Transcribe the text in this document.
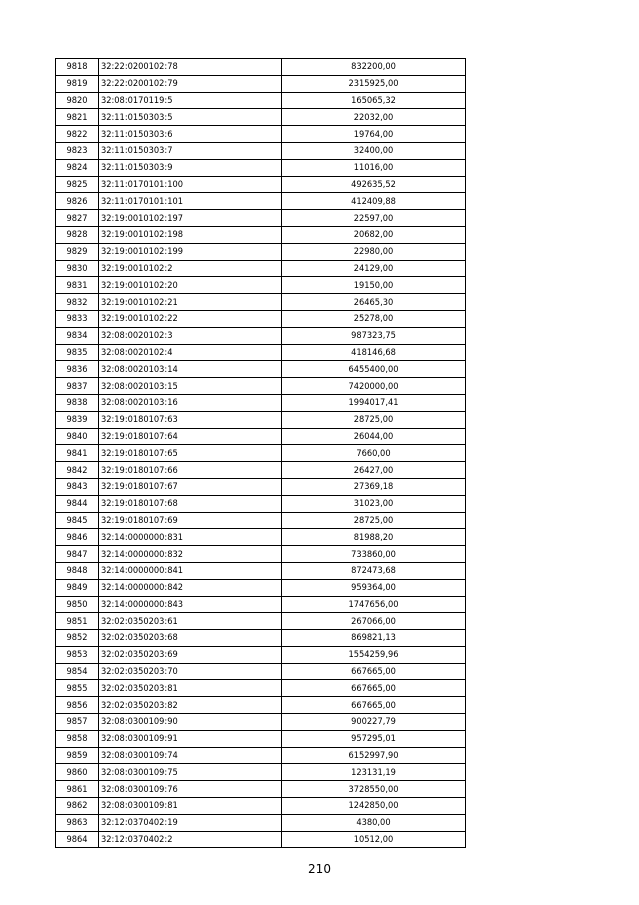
9818	32:22:0200102:78	832200,00
9819	32:22:0200102:79	2315925,00
9820	32:08:0170119:5	165065,32
9821	32:11:0150303:5	22032,00
9822	32:11:0150303:6	19764,00
9823	32:11:0150303:7	32400,00
9824	32:11:0150303:9	11016,00
9825	32:11:0170101:100	492635,52
9826	32:11:0170101:101	412409,88
9827	32:19:0010102:197	22597,00
9828	32:19:0010102:198	20682,00
9829	32:19:0010102:199	22980,00
9830	32:19:0010102:2	24129,00
9831	32:19:0010102:20	19150,00
9832	32:19:0010102:21	26465,30
9833	32:19:0010102:22	25278,00
9834	32:08:0020102:3	987323,75
9835	32:08:0020102:4	418146,68
9836	32:08:0020103:14	6455400,00
9837	32:08:0020103:15	7420000,00
9838	32:08:0020103:16	1994017,41
9839	32:19:0180107:63	28725,00
9840	32:19:0180107:64	26044,00
9841	32:19:0180107:65	7660,00
9842	32:19:0180107:66	26427,00
9843	32:19:0180107:67	27369,18
9844	32:19:0180107:68	31023,00
9845	32:19:0180107:69	28725,00
9846	32:14:0000000:831	81988,20
9847	32:14:0000000:832	733860,00
9848	32:14:0000000:841	872473,68
9849	32:14:0000000:842	959364,00
9850	32:14:0000000:843	1747656,00
9851	32:02:0350203:61	267066,00
9852	32:02:0350203:68	869821,13
9853	32:02:0350203:69	1554259,96
9854	32:02:0350203:70	667665,00
9855	32:02:0350203:81	667665,00
9856	32:02:0350203:82	667665,00
9857	32:08:0300109:90	900227,79
9858	32:08:0300109:91	957295,01
9859	32:08:0300109:74	6152997,90
9860	32:08:0300109:75	123131,19
9861	32:08:0300109:76	3728550,00
9862	32:08:0300109:81	1242850,00
9863	32:12:0370402:19	4380,00
9864	32:12:0370402:2	10512,00
210
